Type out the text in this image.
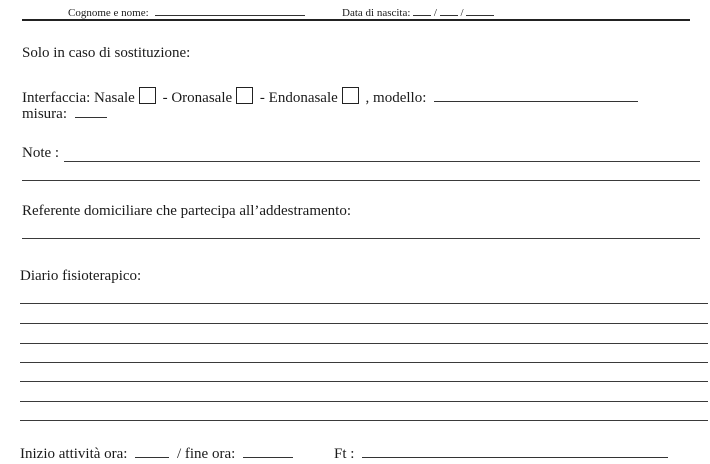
Cognome e nome:	Data di nascita: / /
Solo in caso di sostituzione:
Interfaccia: Nasale - Oronasale - Endonasale , modello:
misura:
Note :
Referente domiciliare che partecipa all’addestramento:
Diario fisioterapico:
Inizio attività ora:	/ fine ora:	Ft :
